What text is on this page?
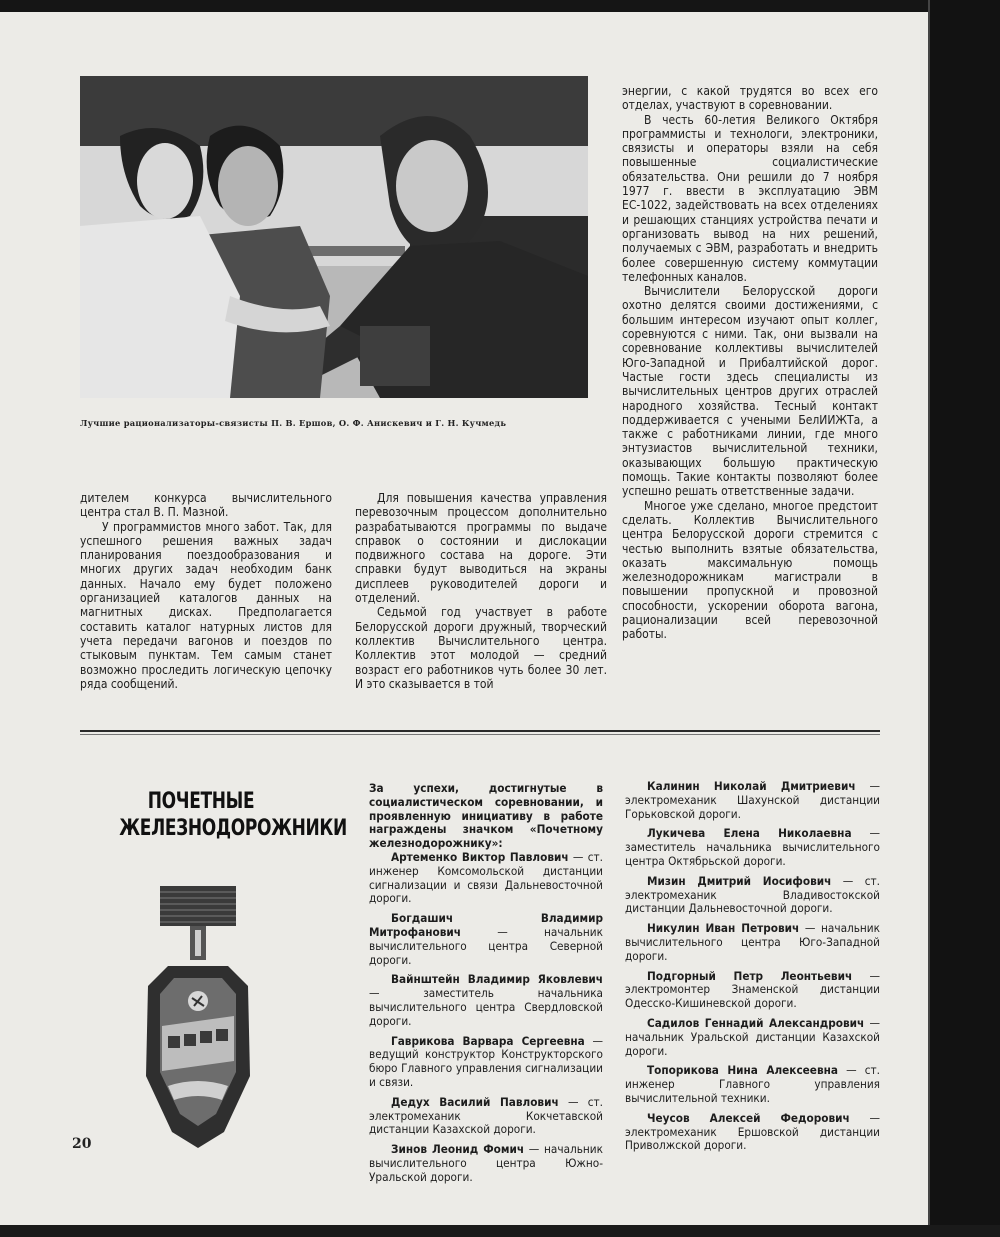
Лучшие рационализаторы-связисты П. В. Ершов, О. Ф. Анискевич и Г. Н. Кучмедь

энергии, с какой трудятся во всех его отделах, участвуют в соревновании.

В честь 60-летия Великого Октября программисты и технологи, электроники, связисты и операторы взяли на себя повышенные социалистические обязательства. Они решили до 7 ноября 1977 г. ввести в эксплуатацию ЭВМ ЕС-1022, задействовать на всех отделениях и решающих станциях устройства печати и организовать вывод на них решений, получаемых с ЭВМ, разработать и внедрить более совершенную систему коммутации телефонных каналов.

Вычислители Белорусской дороги охотно делятся своими достижениями, с большим интересом изучают опыт коллег, соревнуются с ними. Так, они вызвали на соревнование коллективы вычислителей Юго-Западной и Прибалтийской дорог. Частые гости здесь специалисты из вычислительных центров других отраслей народного хозяйства. Тесный контакт поддерживается с учеными БелИИЖТа, а также с работниками линии, где много энтузиастов вычислительной техники, оказывающих большую практическую помощь. Такие контакты позволяют более успешно решать ответственные задачи.

Многое уже сделано, многое предстоит сделать. Коллектив Вычислительного центра Белорусской дороги стремится с честью выполнить взятые обязательства, оказать максимальную помощь железнодорожникам магистрали в повышении пропускной и провозной способности, ускорении оборота вагона, рационализации всей перевозочной работы.

дителем конкурса вычислительного центра стал В. П. Мазной.

У программистов много забот. Так, для успешного решения важных задач планирования поездообразования и многих других задач необходим банк данных. Начало ему будет положено организацией каталогов данных на магнитных дисках. Предполагается составить каталог натурных листов для учета передачи вагонов и поездов по стыковым пунктам. Тем самым станет возможно проследить логическую цепочку ряда сообщений.

Для повышения качества управления перевозочным процессом дополнительно разрабатываются программы по выдаче справок о состоянии и дислокации подвижного состава на дороге. Эти справки будут выводиться на экраны дисплеев руководителей дороги и отделений.

Седьмой год участвует в работе Белорусской дороги дружный, творческий коллектив Вычислительного центра. Коллектив этот молодой — средний возраст его работников чуть более 30 лет. И это сказывается в той

ПОЧЕТНЫЕ
ЖЕЛЕЗНОДОРОЖНИКИ

За успехи, достигнутые в социалистическом соревновании, и проявленную инициативу в работе награждены значком «Почетному железнодорожнику»:

Артеменко Виктор Павлович — ст. инженер Комсомольской дистанции сигнализации и связи Дальневосточной дороги.

Богдашич Владимир Митрофанович — начальник вычислительного центра Северной дороги.

Вайнштейн Владимир Яковлевич — заместитель начальника вычислительного центра Свердловской дороги.

Гаврикова Варвара Сергеевна — ведущий конструктор Конструкторского бюро Главного управления сигнализации и связи.

Дедух Василий Павлович — ст. электромеханик Кокчетавской дистанции Казахской дороги.

Зинов Леонид Фомич — начальник вычислительного центра Южно-Уральской дороги.

Калинин Николай Дмитриевич — электромеханик Шахунской дистанции Горьковской дороги.

Лукичева Елена Николаевна — заместитель начальника вычислительного центра Октябрьской дороги.

Мизин Дмитрий Иосифович — ст. электромеханик Владивостокской дистанции Дальневосточной дороги.

Никулин Иван Петрович — начальник вычислительного центра Юго-Западной дороги.

Подгорный Петр Леонтьевич — электромонтер Знаменской дистанции Одесско-Кишиневской дороги.

Садилов Геннадий Александрович — начальник Уральской дистанции Казахской дороги.

Топорикова Нина Алексеевна — ст. инженер Главного управления вычислительной техники.

Чеусов Алексей Федорович — электромеханик Ершовской дистанции Приволжской дороги.

20
